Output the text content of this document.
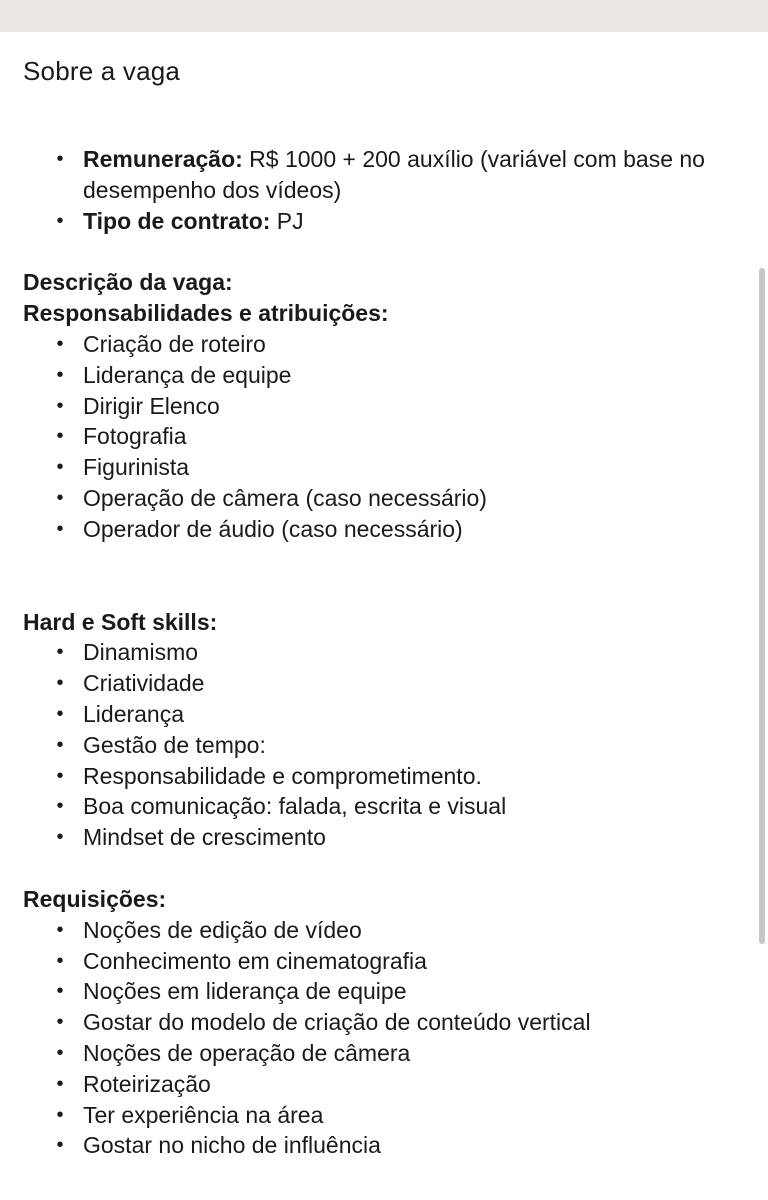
Sobre a vaga
• Remuneração: R$ 1000 + 200 auxílio (variável com base no desempenho dos vídeos)
• Tipo de contrato: PJ

Descrição da vaga:

Responsabilidades e atribuições:

• Criação de roteiro
• Liderança de equipe
• Dirigir Elenco
• Fotografia
• Figurinista
• Operação de câmera (caso necessário)
• Operador de áudio (caso necessário)

Hard e Soft skills:

• Dinamismo
• Criatividade
• Liderança
• Gestão de tempo:
• Responsabilidade e comprometimento.
• Boa comunicação: falada, escrita e visual
• Mindset de crescimento

Requisições:

• Noções de edição de vídeo
• Conhecimento em cinematografia
• Noções em liderança de equipe
• Gostar do modelo de criação de conteúdo vertical
• Noções de operação de câmera
• Roteirização
• Ter experiência na área
• Gostar no nicho de influência
